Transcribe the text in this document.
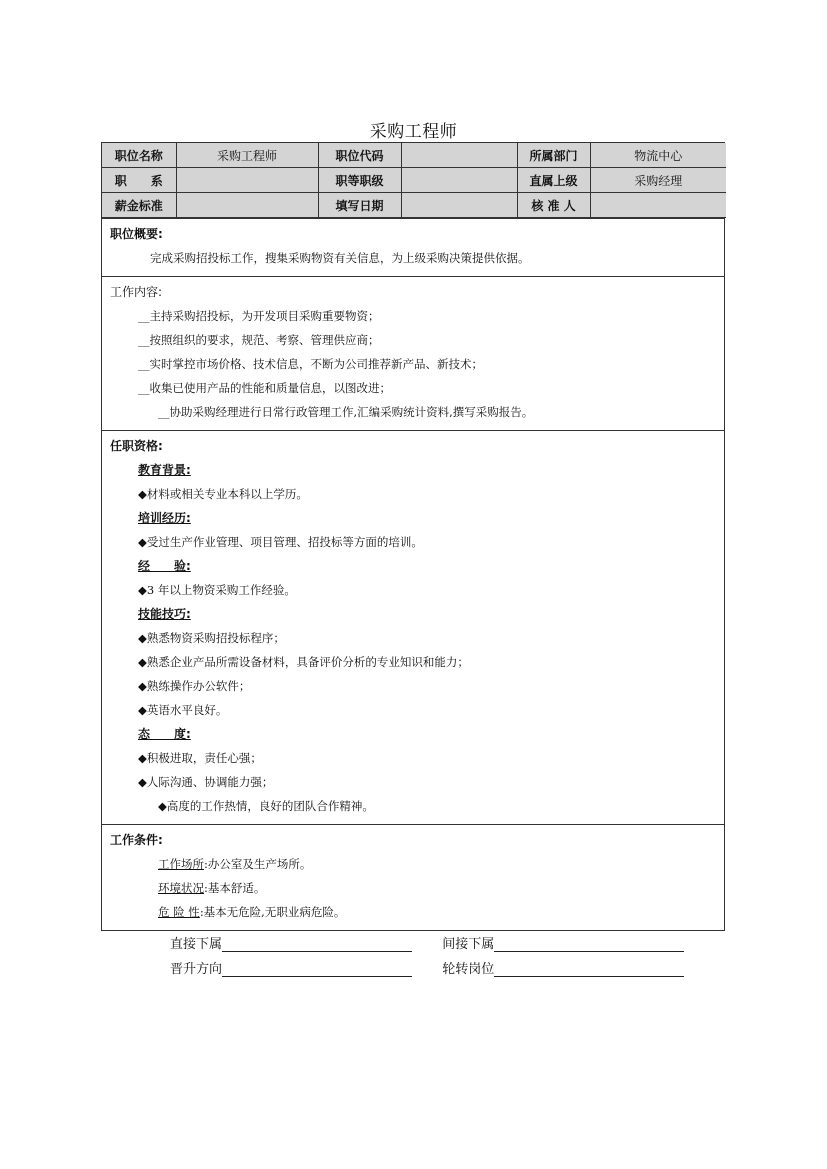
采购工程师
职位名称	采购工程师	职位代码		所属部门	物流中心
职　　系		职等职级		直属上级	采购经理
薪金标准		填写日期		核 准 人	
职位概要:
完成采购招投标工作，搜集采购物资有关信息，为上级采购决策提供依据。
工作内容:
__主持采购招投标，为开发项目采购重要物资；
__按照组织的要求，规范、考察、管理供应商；
__实时掌控市场价格、技术信息，不断为公司推荐新产品、新技术；
__收集已使用产品的性能和质量信息，以图改进；
__协助采购经理进行日常行政管理工作,汇编采购统计资料,撰写采购报告。
任职资格:
教育背景:
◆材料或相关专业本科以上学历。
培训经历:
◆受过生产作业管理、项目管理、招投标等方面的培训。
经　　验:
◆3 年以上物资采购工作经验。
技能技巧:
◆熟悉物资采购招投标程序；
◆熟悉企业产品所需设备材料，具备评价分析的专业知识和能力；
◆熟练操作办公软件；
◆英语水平良好。
态　　度:
◆积极进取，责任心强；
◆人际沟通、协调能力强；
◆高度的工作热情，良好的团队合作精神。
工作条件:
工作场所:办公室及生产场所。
环境状况:基本舒适。
危 险 性:基本无危险,无职业病危险。
直接下属	间接下属
晋升方向	轮转岗位
